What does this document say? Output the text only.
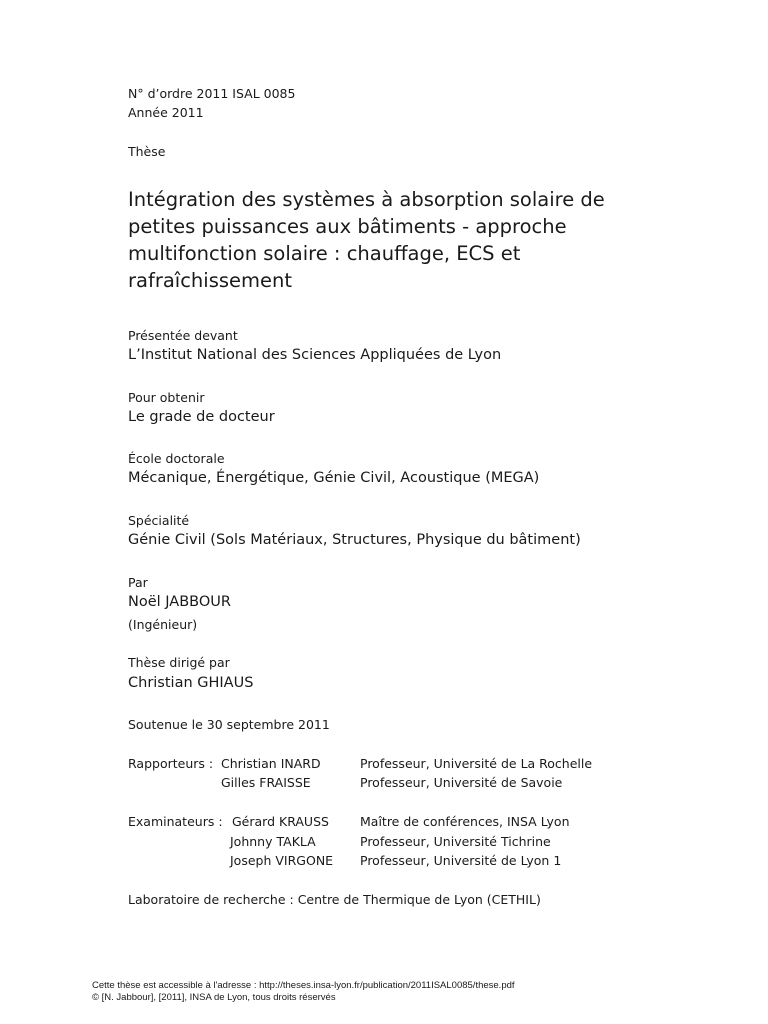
N° d’ordre 2011 ISAL 0085
Année 2011
Thèse
Intégration des systèmes à absorption solaire de
petites puissances aux bâtiments - approche
multifonction solaire : chauffage, ECS et
rafraîchissement
Présentée devant
L’Institut National des Sciences Appliquées de Lyon
Pour obtenir
Le grade de docteur
École doctorale
Mécanique, Énergétique, Génie Civil, Acoustique (MEGA)
Spécialité
Génie Civil (Sols Matériaux, Structures, Physique du bâtiment)
Par
Noël JABBOUR
(Ingénieur)
Thèse dirigé par
Christian GHIAUS
Soutenue le 30 septembre 2011
Rapporteurs : Christian INARD	Professeur, Université de La Rochelle
Gilles FRAISSE	Professeur, Université de Savoie
Examinateurs : Gérard KRAUSS Maître de conférences, INSA Lyon
Johnny TAKLA	Professeur, Université Tichrine
Joseph VIRGONE Professeur, Université de Lyon 1
Laboratoire de recherche : Centre de Thermique de Lyon (CETHIL)
Cette thèse est accessible à l'adresse : http://theses.insa-lyon.fr/publication/2011ISAL0085/these.pdf
© [N. Jabbour], [2011], INSA de Lyon, tous droits réservés
